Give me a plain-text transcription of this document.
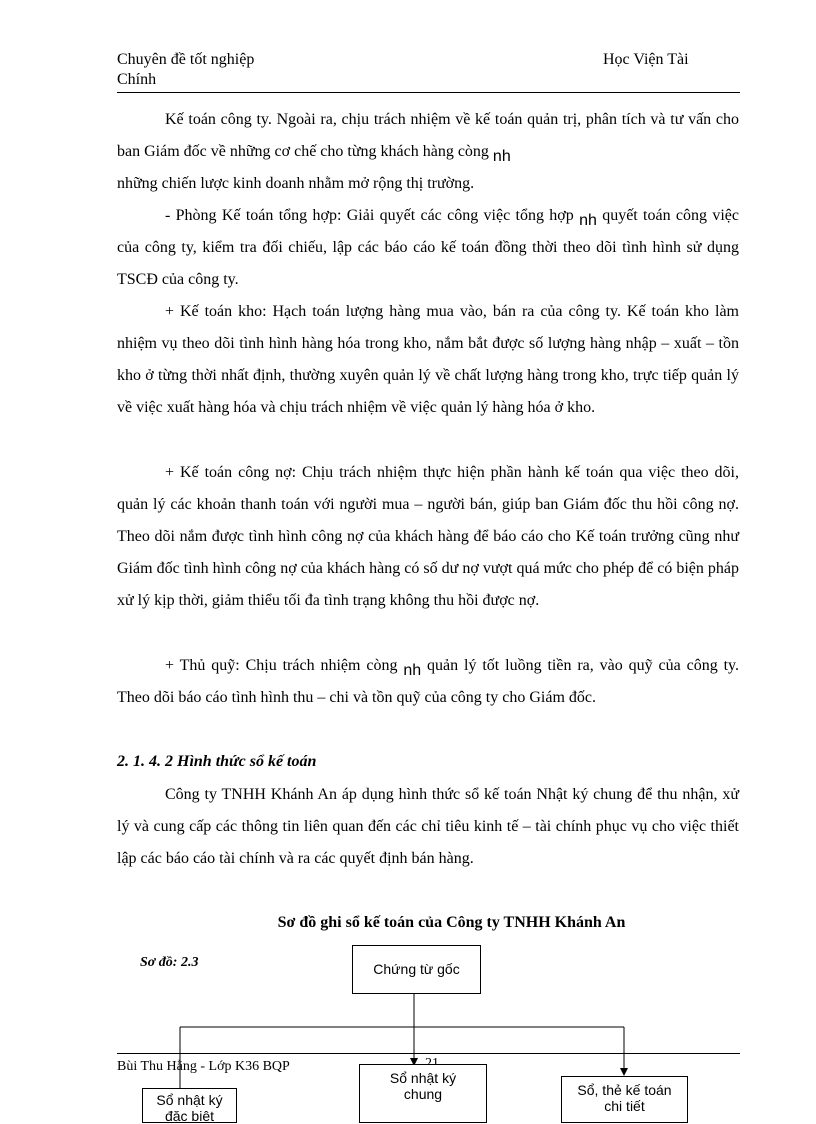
Chuyên đề tốt nghiệp
Chính
Học Viện Tài

Kế toán công ty. Ngoài ra, chịu trách nhiệm về kế toán quản trị, phân tích và tư vấn cho ban Giám đốc về những cơ chế cho từng khách hàng còng nh
những chiến lược kinh doanh nhằm mở rộng thị trường.

- Phòng Kế toán tổng hợp: Giải quyết các công việc tổng hợp nh quyết toán công việc của công ty, kiểm tra đối chiếu, lập các báo cáo kế toán đồng thời theo dõi tình hình sử dụng TSCĐ của công ty.

+ Kế toán kho: Hạch toán lượng hàng mua vào, bán ra của công ty. Kế toán kho làm nhiệm vụ theo dõi tình hình hàng hóa trong kho, nắm bắt được số lượng hàng nhập – xuất – tồn kho ở từng thời nhất định, thường xuyên quản lý về chất lượng hàng trong kho, trực tiếp quản lý về việc xuất hàng hóa và chịu trách nhiệm về việc quản lý hàng hóa ở kho.

+ Kế toán công nợ: Chịu trách nhiệm thực hiện phần hành kế toán qua việc theo dõi, quản lý các khoản thanh toán với người mua – người bán, giúp ban Giám đốc thu hồi công nợ. Theo dõi nắm được tình hình công nợ của khách hàng để báo cáo cho Kế toán trưởng cũng như Giám đốc tình hình công nợ của khách hàng có số dư nợ vượt quá mức cho phép để có biện pháp xử lý kịp thời, giảm thiểu tối đa tình trạng không thu hồi được nợ.

+ Thủ quỹ: Chịu trách nhiệm còng nh quản lý tốt luồng tiền ra, vào quỹ của công ty. Theo dõi báo cáo tình hình thu – chi và tồn quỹ của công ty cho Giám đốc.

2. 1. 4. 2 Hình thức sổ kế toán

Công ty TNHH Khánh An áp dụng hình thức sổ kế toán Nhật ký chung để thu nhận, xử lý và cung cấp các thông tin liên quan đến các chỉ tiêu kinh tế – tài chính phục vụ cho việc thiết lập các báo cáo tài chính và ra các quyết định bán hàng.

Sơ đồ ghi sổ kế toán của Công ty TNHH Khánh An
Sơ đồ: 2.3	Chứng từ gốc
Bùi Thu Hằng - Lớp K36 BQP
Sổ nhật ký
chung	Sổ, thẻ kế toán
chi tiết
Sổ nhật ký
đặc biệt
